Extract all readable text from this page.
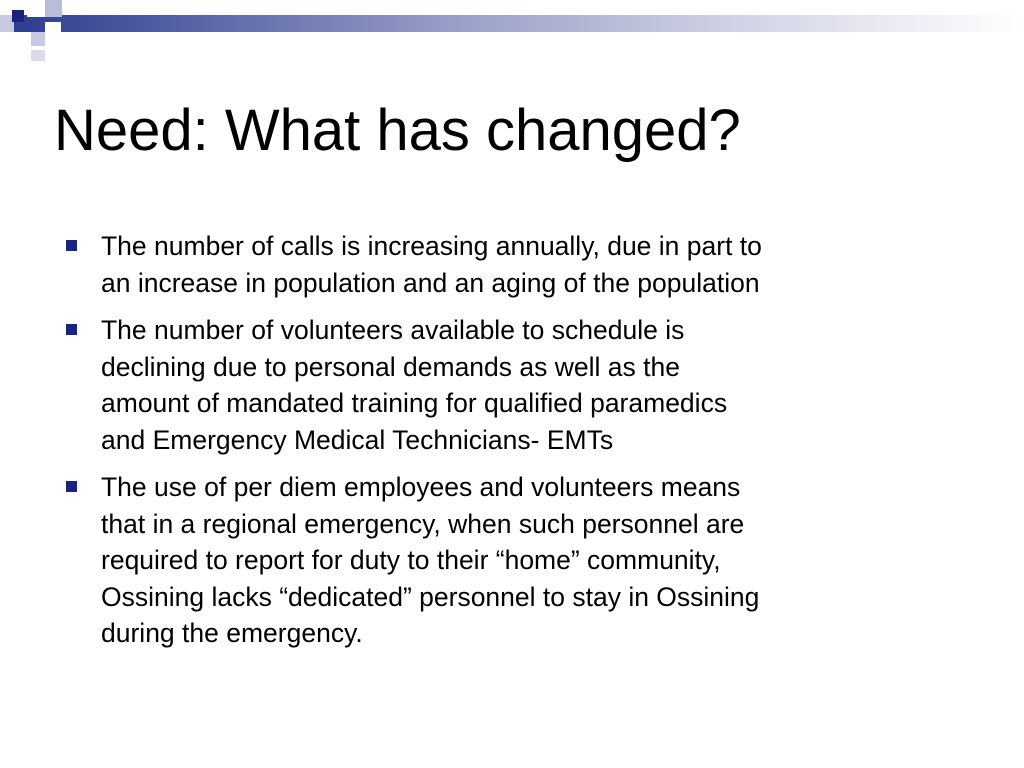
Need: What has changed?
The number of calls is increasing annually, due in part to
an increase in population and an aging of the population
The number of volunteers available to schedule is
declining due to personal demands as well as the
amount of mandated training for qualified paramedics
and Emergency Medical Technicians- EMTs
The use of per diem employees and volunteers means
that in a regional emergency, when such personnel are
required to report for duty to their “home” community,
Ossining lacks “dedicated” personnel to stay in Ossining
during the emergency.
